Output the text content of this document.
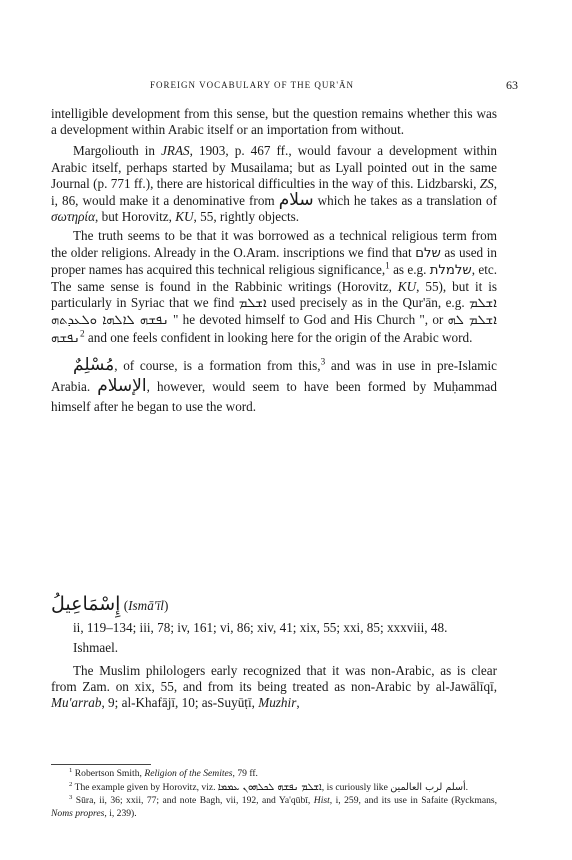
FOREIGN VOCABULARY OF THE QUR'ĀN	63

intelligible development from this sense, but the question remains whether this was a development within Arabic itself or an importation from without.

Margoliouth in JRAS, 1903, p. 467 ff., would favour a development within Arabic itself, perhaps started by Musailama; but as Lyall pointed out in the same Journal (p. 771 ff.), there are historical difficulties in the way of this. Lidzbarski, ZS, i, 86, would make it a denominative from سلام which he takes as a translation of σωτηρία, but Horovitz, KU, 55, rightly objects.

The truth seems to be that it was borrowed as a technical religious term from the older religions. Already in the O.Aram. inscriptions we find that שלם as used in proper names has acquired this technical religious significance,$^1$ as e.g. שלמלת, etc. The same sense is found in the Rabbinic writings (Horovitz, KU, 55), but it is particularly in Syriac that we find ܐܫܠܡ used precisely as in the Qur'ān, e.g. ܐܫܠܡ ܢܦܫܗ ܠܐܠܗܐ ܘܠܥܕܬܗ " he devoted himself to God and His Church ", or ܐܫܠܡ ܠܗ ܢܦܫܗ$^2$ and one feels confident in looking here for the origin of the Arabic word.

مُسْلِمٌ, of course, is a formation from this,$^3$ and was in use in pre-Islamic Arabia. الإسلام, however, would seem to have been formed by Muḥammad himself after he began to use the word.

إِسْمَاعِيلُ (Ismā'īl)

ii, 119–134; iii, 78; iv, 161; vi, 86; xiv, 41; xix, 55; xxi, 85; xxxviii, 48.

Ishmael.

The Muslim philologers early recognized that it was non-Arabic, as is clear from Zam. on xix, 55, and from its being treated as non-Arabic by al-Jawālīqī, Mu'arrab, 9; al-Khafājī, 10; as-Suyūṭī, Muzhir,

$^1$ Robertson Smith, Religion of the Semites, 79 ff.

$^2$ The example given by Horovitz, viz. ܐܫܠܡ ܢܦܫܗ ܠܟܠܗܘܢ ܥܡܡܐ, is curiously like أسلم لرب العالمين.

$^3$ Sūra, ii, 36; xxii, 77; and note Bagh, vii, 192, and Ya'qūbī, Hist, i, 259, and its use in Safaite (Ryckmans, Noms propres, i, 239).
